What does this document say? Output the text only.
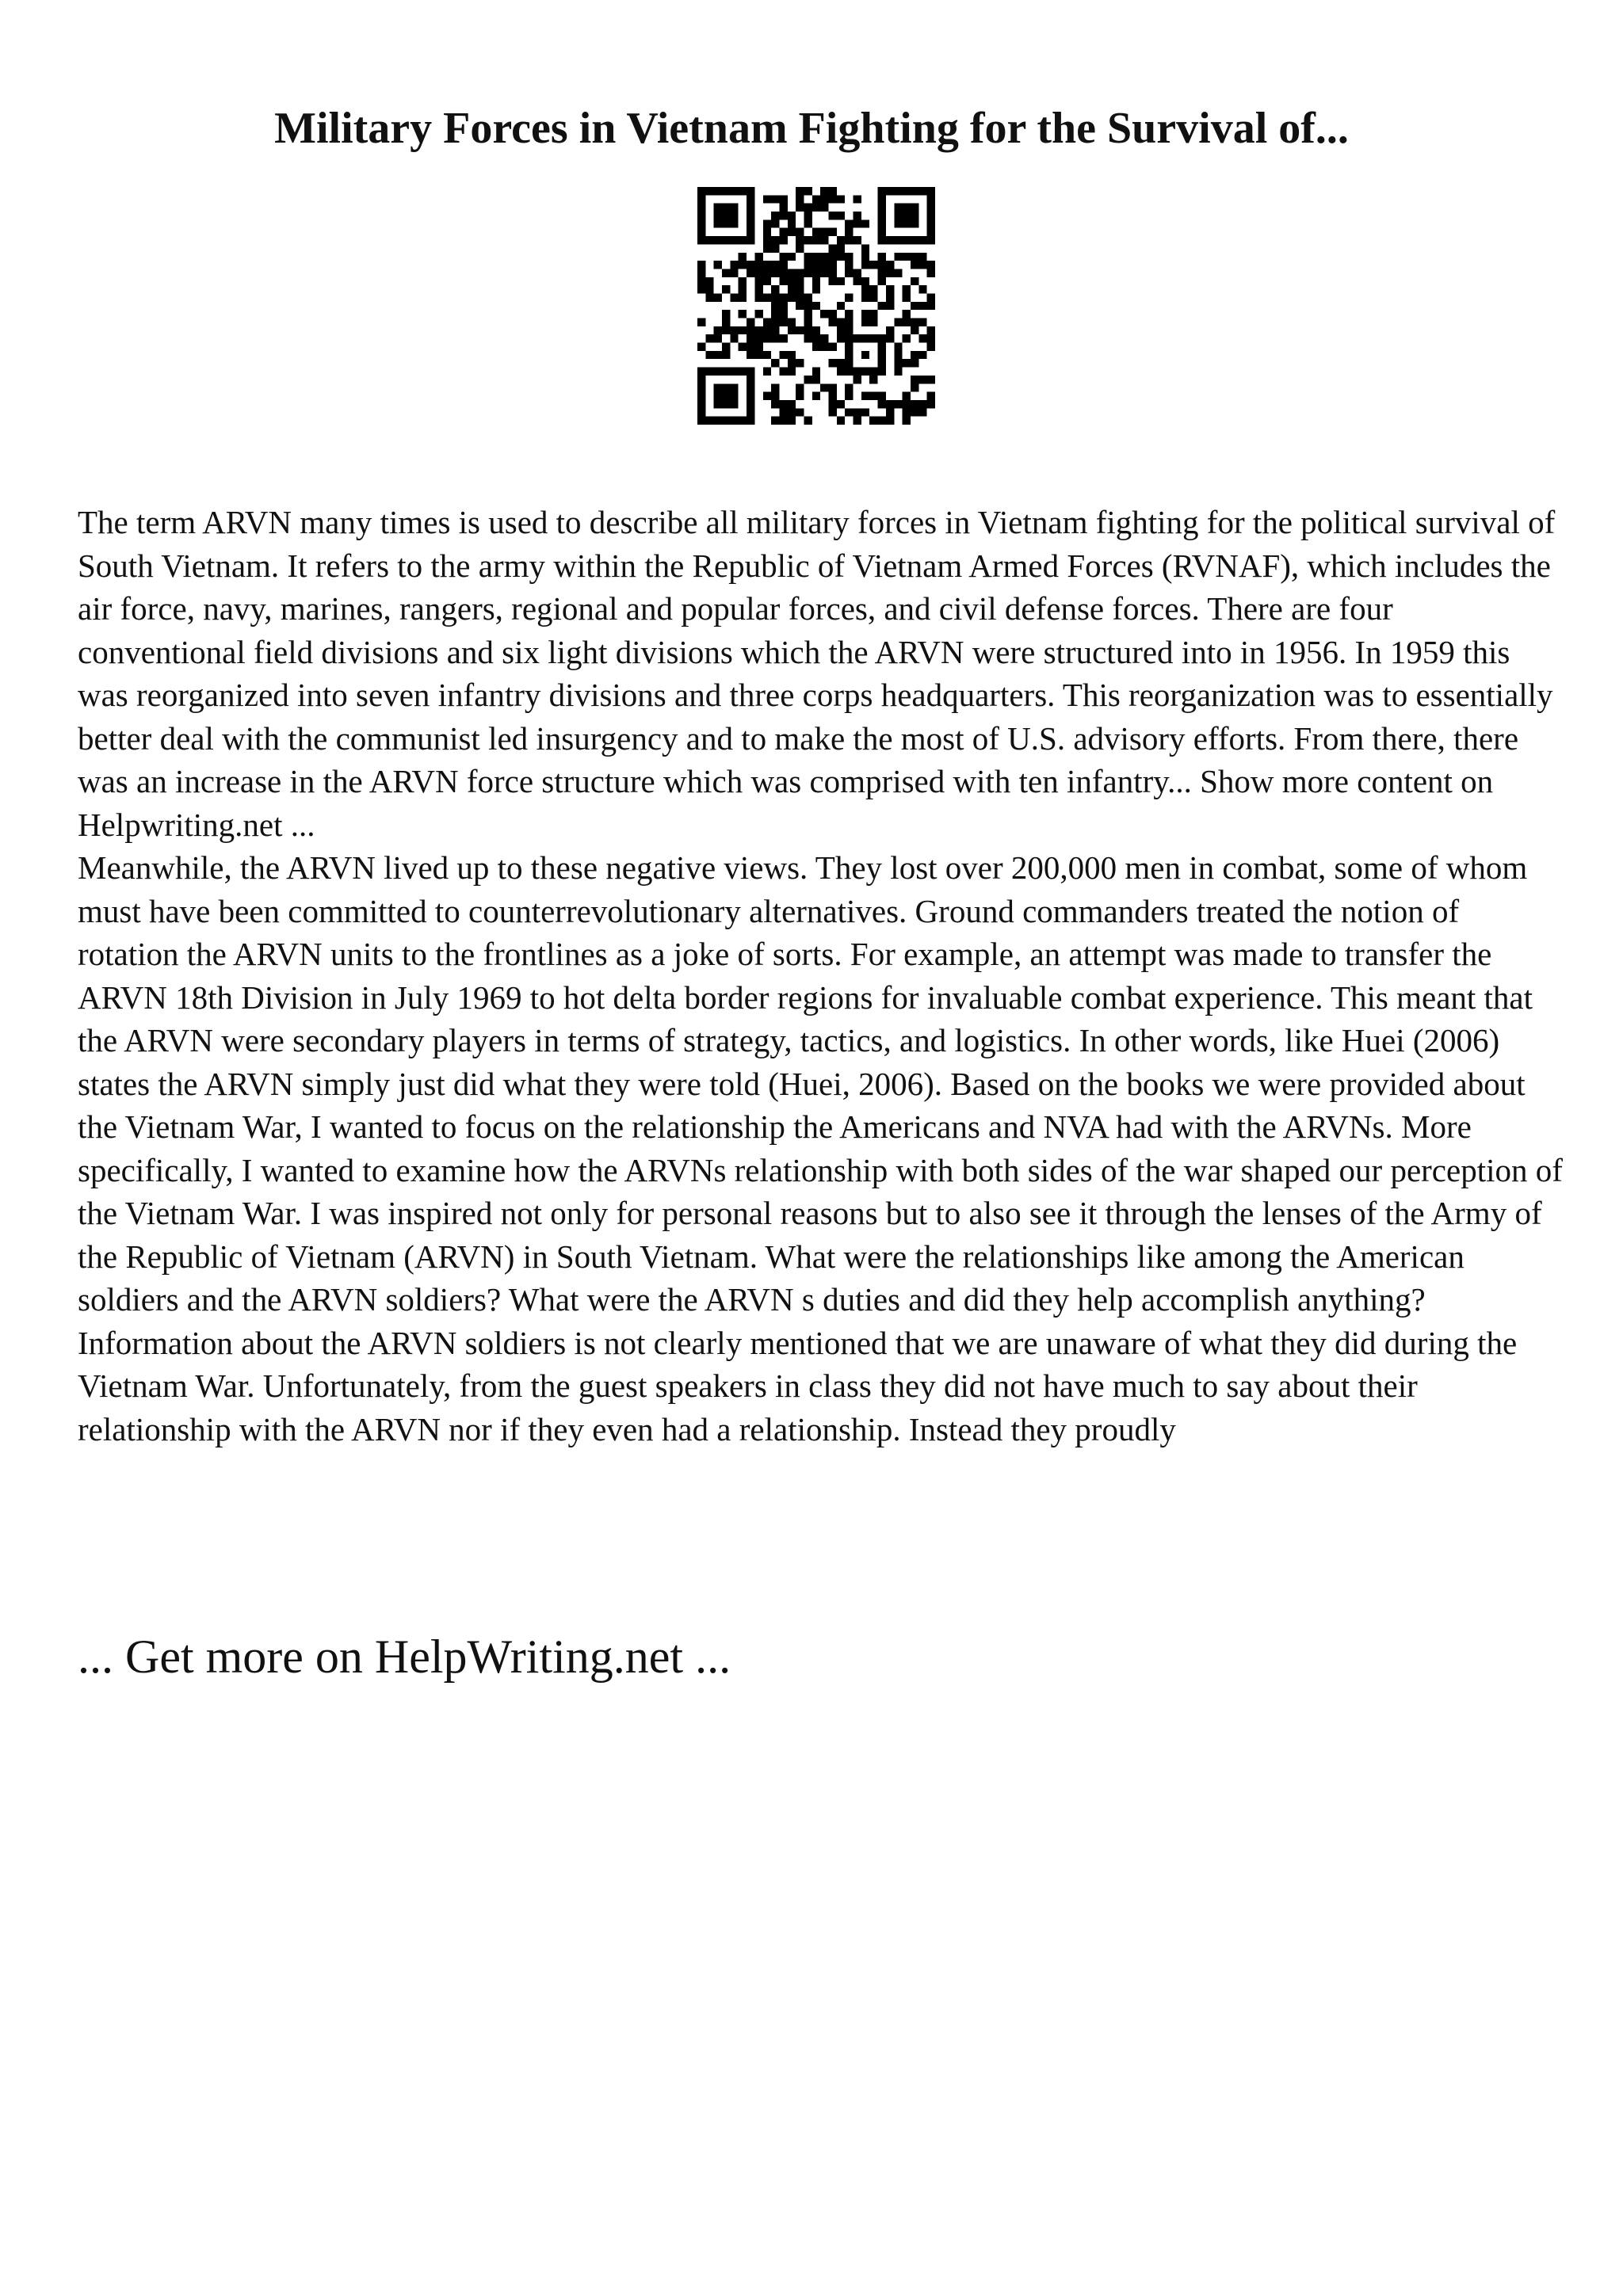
Military Forces in Vietnam Fighting for the Survival of...

The term ARVN many times is used to describe all military forces in Vietnam fighting for the political survival of South Vietnam. It refers to the army within the Republic of Vietnam Armed Forces (RVNAF), which includes the air force, navy, marines, rangers, regional and popular forces, and civil defense forces. There are four conventional field divisions and six light divisions which the ARVN were structured into in 1956. In 1959 this was reorganized into seven infantry divisions and three corps headquarters. This reorganization was to essentially better deal with the communist led insurgency and to make the most of U.S. advisory efforts. From there, there was an increase in the ARVN force structure which was comprised with ten infantry... Show more content on Helpwriting.net ...

Meanwhile, the ARVN lived up to these negative views. They lost over 200,000 men in combat, some of whom must have been committed to counterrevolutionary alternatives. Ground commanders treated the notion of rotation the ARVN units to the frontlines as a joke of sorts. For example, an attempt was made to transfer the ARVN 18th Division in July 1969 to hot delta border regions for invaluable combat experience. This meant that the ARVN were secondary players in terms of strategy, tactics, and logistics. In other words, like Huei (2006) states the ARVN simply just did what they were told (Huei, 2006). Based on the books we were provided about the Vietnam War, I wanted to focus on the relationship the Americans and NVA had with the ARVNs. More specifically, I wanted to examine how the ARVNs relationship with both sides of the war shaped our perception of the Vietnam War. I was inspired not only for personal reasons but to also see it through the lenses of the Army of the Republic of Vietnam (ARVN) in South Vietnam. What were the relationships like among the American soldiers and the ARVN soldiers? What were the ARVN s duties and did they help accomplish anything? Information about the ARVN soldiers is not clearly mentioned that we are unaware of what they did during the Vietnam War. Unfortunately, from the guest speakers in class they did not have much to say about their relationship with the ARVN nor if they even had a relationship. Instead they proudly

... Get more on HelpWriting.net ...
